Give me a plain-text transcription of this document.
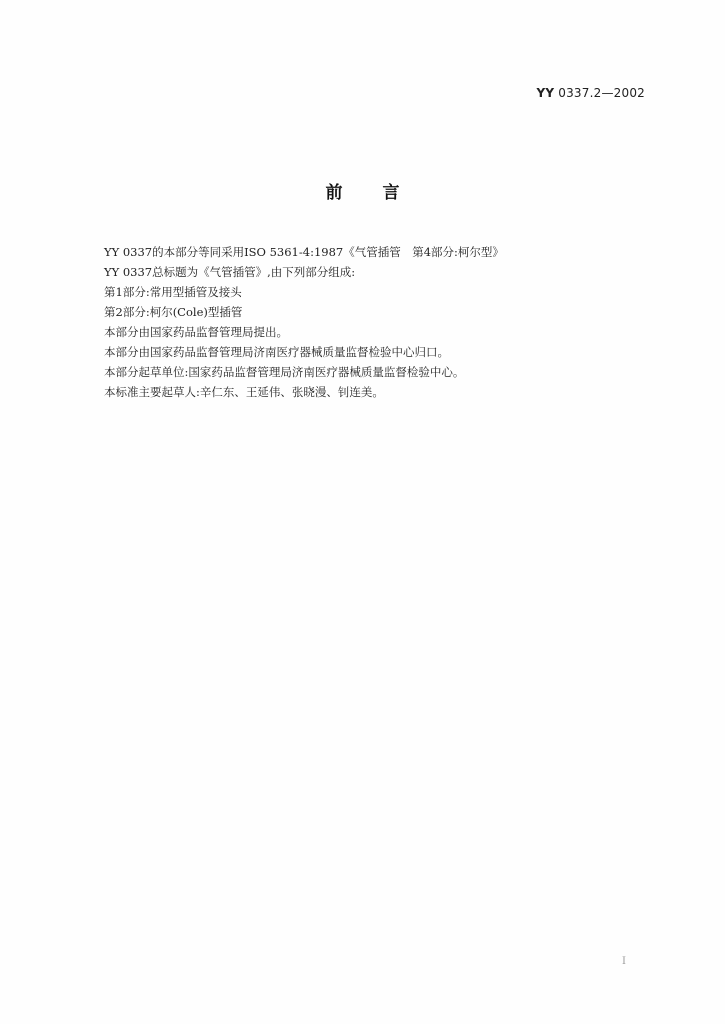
YY 0337.2—2002
前 言

YY 0337的本部分等同采用ISO 5361-4:1987《气管插管　第4部分:柯尔型》

YY 0337总标题为《气管插管》,由下列部分组成:

第1部分:常用型插管及接头

第2部分:柯尔(Cole)型插管

本部分由国家药品监督管理局提出。

本部分由国家药品监督管理局济南医疗器械质量监督检验中心归口。

本部分起草单位:国家药品监督管理局济南医疗器械质量监督检验中心。

本标准主要起草人:辛仁东、王延伟、张晓漫、钊连美。

I
